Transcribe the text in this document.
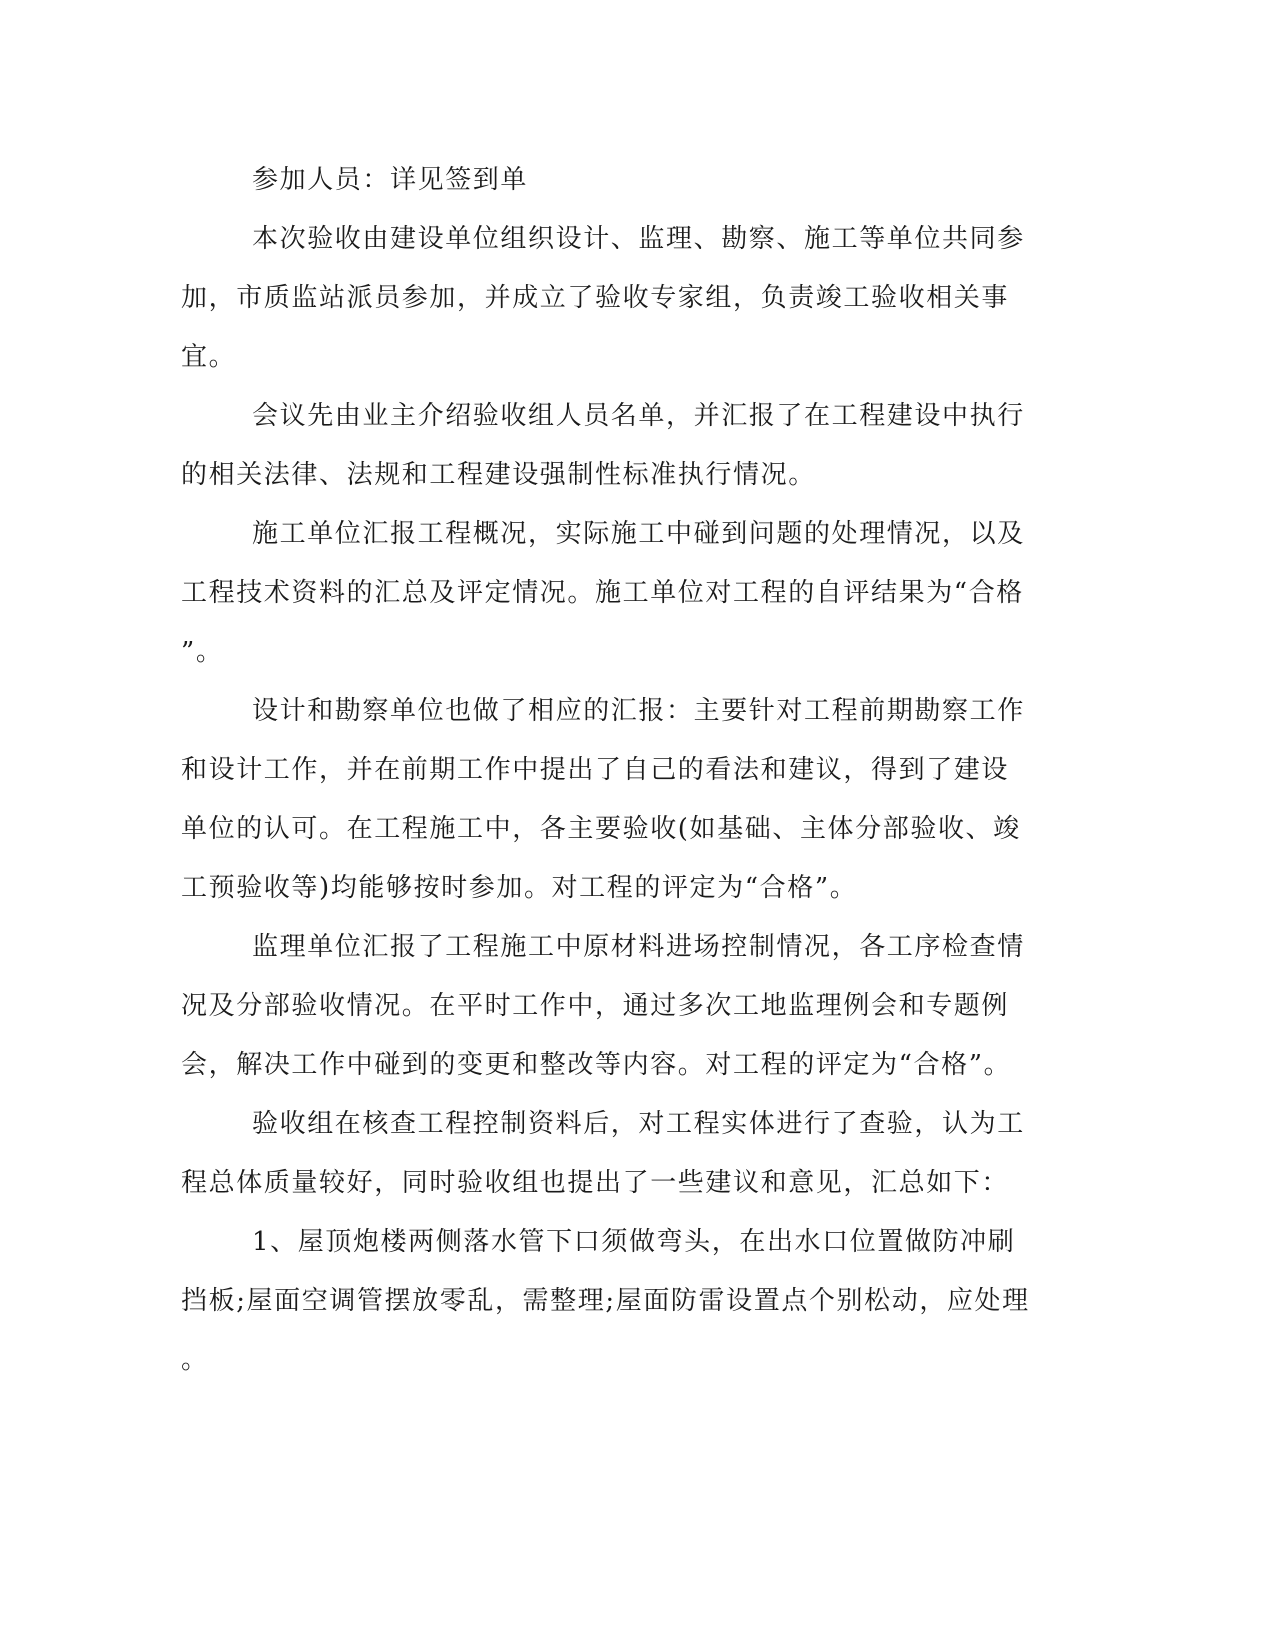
参加人员：详见签到单
本次验收由建设单位组织设计、监理、勘察、施工等单位共同参
加，市质监站派员参加，并成立了验收专家组，负责竣工验收相关事
宜。
会议先由业主介绍验收组人员名单，并汇报了在工程建设中执行
的相关法律、法规和工程建设强制性标准执行情况。
施工单位汇报工程概况，实际施工中碰到问题的处理情况，以及
工程技术资料的汇总及评定情况。施工单位对工程的自评结果为“合格
”。
设计和勘察单位也做了相应的汇报：主要针对工程前期勘察工作
和设计工作，并在前期工作中提出了自己的看法和建议，得到了建设
单位的认可。在工程施工中，各主要验收(如基础、主体分部验收、竣
工预验收等)均能够按时参加。对工程的评定为“合格”。
监理单位汇报了工程施工中原材料进场控制情况，各工序检查情
况及分部验收情况。在平时工作中，通过多次工地监理例会和专题例
会，解决工作中碰到的变更和整改等内容。对工程的评定为“合格”。
验收组在核查工程控制资料后，对工程实体进行了查验，认为工
程总体质量较好，同时验收组也提出了一些建议和意见，汇总如下：
1、屋顶炮楼两侧落水管下口须做弯头，在出水口位置做防冲刷
挡板;屋面空调管摆放零乱，需整理;屋面防雷设置点个别松动，应处理
。
